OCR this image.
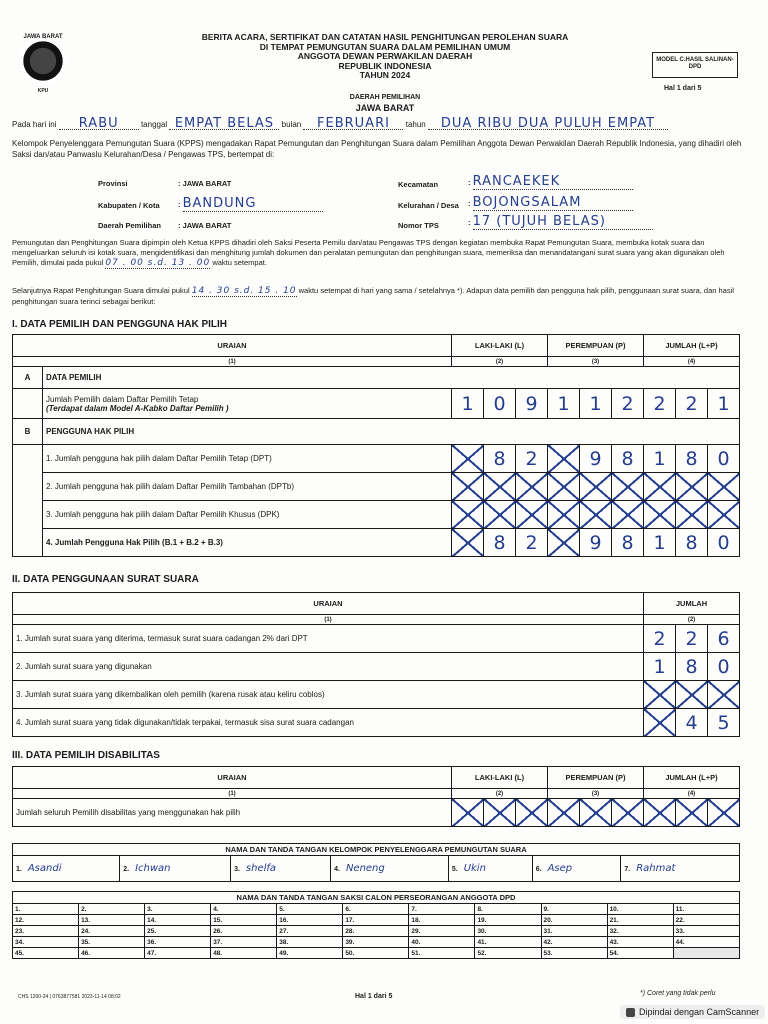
JAWA BARAT
KPU
BERITA ACARA, SERTIFIKAT DAN CATATAN HASIL PENGHITUNGAN PEROLEHAN SUARA
DI TEMPAT PEMUNGUTAN SUARA DALAM PEMILIHAN UMUM
ANGGOTA DEWAN PERWAKILAN DAERAH
REPUBLIK INDONESIA
TAHUN 2024
MODEL C.HASIL SALINAN-DPD
Hal 1 dari 5
DAERAH PEMILIHAN
JAWA BARAT
Pada hari ini RABU	tanggal EMPAT BELAS bulan FEBRUARI tahun DUA RIBU DUA PULUH EMPAT
Kelompok Penyelenggara Pemungutan Suara (KPPS) mengadakan Rapat Pemungutan dan Penghitungan Suara dalam Pemilihan Anggota Dewan Perwakilan Daerah Republik Indonesia, yang dihadiri oleh Saksi dan/atau Panwaslu Kelurahan/Desa / Pengawas TPS, bertempat di:
Provinsi	: JAWA BARAT
Kabupaten / Kota : BANDUNG
Daerah Pemilihan : JAWA BARAT
Kecamatan	: RANCAEKEK
Kelurahan / Desa : BOJONGSALAM
Nomor TPS	: 17 (TUJUH BELAS)
Pemungutan dan Penghitungan Suara dipimpin oleh Ketua KPPS dihadiri oleh Saksi Peserta Pemilu dan/atau Pengawas TPS dengan kegiatan membuka Rapat Pemungutan Suara, membuka kotak suara dan mengeluarkan seluruh isi kotak suara, mengidentifikasi dan menghitung jumlah dokumen dan peralatan pemungutan dan penghitungan suara, memeriksa dan menandatangani surat suara yang akan digunakan oleh Pemilih, dimulai pada pukul 07 . 00 s.d. 13 . 00 waktu setempat.
Selanjutnya Rapat Penghitungan Suara dimulai pukul 14 . 30 s.d. 15 . 10 waktu setempat di hari yang sama / setelahnya *). Adapun data pemilih dan pengguna hak pilih, penggunaan surat suara, dan hasil penghitungan suara terinci sebagai berikut:
I. DATA PEMILIH DAN PENGGUNA HAK PILIH
URAIAN		LAKI-LAKI (L)			PEREMPUAN (P)			JUMLAH (L+P)		
(1)		(2)			(3)			(4)		
A	DATA PEMILIH									

	Jumlah Pemilih dalam Daftar Pemilih Tetap
(Terdapat dalam Model A-Kabko Daftar Pemilih )	1	0	9	1	1	2	2	2	1
B	PENGGUNA HAK PILIH									
	1. Jumlah pengguna hak pilih dalam Daftar Pemilih Tetap (DPT)		8	2		9	8	1	8	0
	2. Jumlah pengguna hak pilih dalam Daftar Pemilih Tambahan (DPTb)									
	3. Jumlah pengguna hak pilih dalam Daftar Pemilih Khusus (DPK)									
	4. Jumlah Pengguna Hak Pilih (B.1 + B.2 + B.3)		8	2		9	8	1	8	0
II. DATA PENGGUNAAN SURAT SUARA
URAIAN	JUMLAH		
(1)	(2)		
1. Jumlah surat suara yang diterima, termasuk surat suara cadangan 2% dari DPT	2	2	6
2. Jumlah surat suara yang digunakan	1	8	0
3. Jumlah surat suara yang dikembalikan oleh pemilih (karena rusak atau keliru coblos)			
4. Jumlah surat suara yang tidak digunakan/tidak terpakai, termasuk sisa surat suara cadangan		4	5
III. DATA PEMILIH DISABILITAS
URAIAN	LAKI-LAKI (L)			PEREMPUAN (P)			JUMLAH (L+P)		
(1)	(2)			(3)			(4)		
Jumlah seluruh Pemilih disabilitas yang menggunakan hak pilih									
NAMA DAN TANDA TANGAN KELOMPOK PENYELENGGARA PEMUNGUTAN SUARA
1. Asandi	2. Ichwan	3. shelfa	4. Neneng	5. Ukin	6. Asep	7. Rahmat
NAMA DAN TANDA TANGAN SAKSI CALON PERSEORANGAN ANGGOTA DPD										
1.	2.	3.	4.	5.	6.	7.	8.	9.	10.	11.
12.	13.	14.	15.	16.	17.	18.	19.	20.	21.	22.
23.	24.	25.	26.	27.	28.	29.	30.	31.	32.	33.
34.	35.	36.	37.	38.	39.	40.	41.	42.	43.	44.
45.	46.	47.	48.	49.	50.	51.	52.	53.	54.	
CHS 1200-24 | 0763877581 2023-11-14 08:02	Hal 1 dari 5	*) Coret yang tidak perlu
Dipindai dengan CamScanner
